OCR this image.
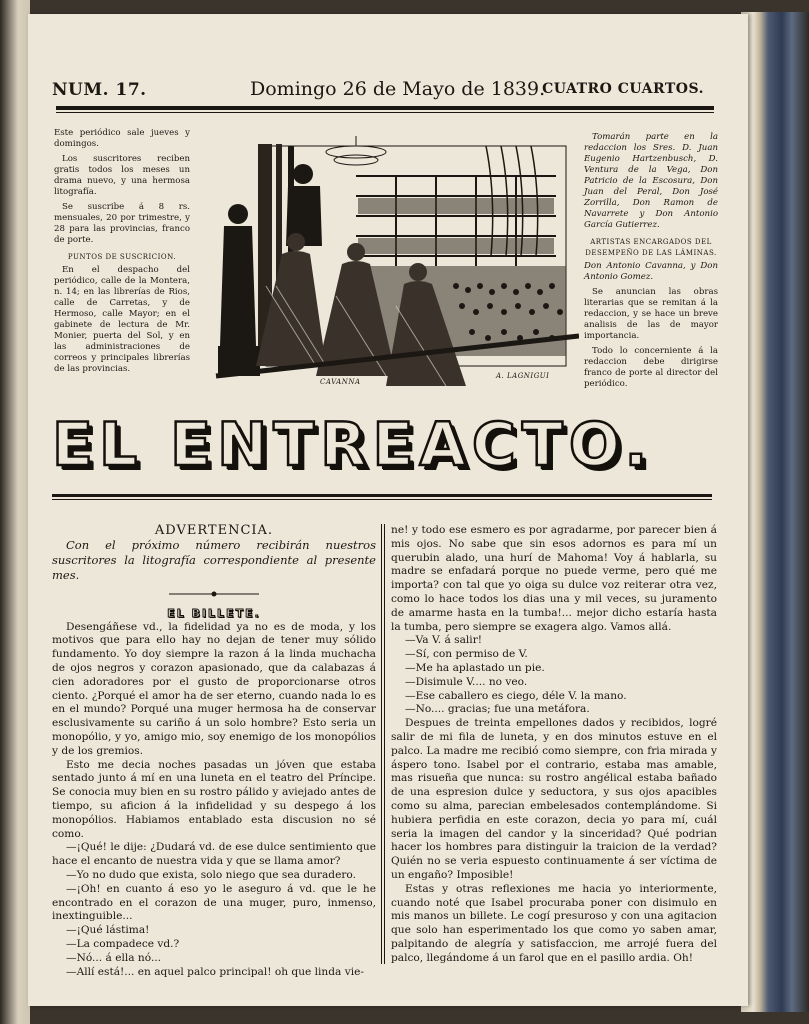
NUM. 17.	Domingo 26 de Mayo de 1839.
CUATRO CUARTOS.

Este periódico sale jueves y domingos.

Los suscritores reciben gratis todos los meses un drama nuevo, y una hermosa litografía.

Se suscribe á 8 rs. mensuales, 20 por trimestre, y 28 para las provincias, franco de porte.

PUNTOS DE SUSCRICION.

En el despacho del periódico, calle de la Montera, n. 14; en las librerías de Rios, calle de Carretas, y de Hermoso, calle Mayor; en el gabinete de lectura de Mr. Monier, puerta del Sol, y en las administraciones de correos y principales librerías de las provincias.

CAVANNA
A. LAGNIGUI

Tomarán parte en la redaccion los Sres. D. Juan Eugenio Hartzenbusch, D. Ventura de la Vega, Don Patricio de la Escosura, Don Juan del Peral, Don José Zorrilla, Don Ramon de Navarrete y Don Antonio García Gutierrez.

ARTISTAS ENCARGADOS DEL DESEMPEÑO DE LAS LÁMINAS.

Don Antonio Cavanna, y Don Antonio Gomez.

Se anuncian las obras literarias que se remitan á la redaccion, y se hace un breve analisis de las de mayor importancia.

Todo lo concerniente á la redaccion debe dirigirse franco de porte al director del periódico.

EL ENTREACTO.

ADVERTENCIA.

Con el próximo número recibirán nuestros suscritores la litografía correspondiente al presente mes.

EL BILLETE.

Desengáñese vd., la fidelidad ya no es de moda, y los motivos que para ello hay no dejan de tener muy sólido fundamento. Yo doy siempre la razon á la linda muchacha de ojos negros y corazon apasionado, que da calabazas á cien adoradores por el gusto de proporcionarse otros ciento. ¿Porqué el amor ha de ser eterno, cuando nada lo es en el mundo? Porqué una muger hermosa ha de conservar esclusivamente su cariño á un solo hombre? Esto seria un monopólio, y yo, amigo mio, soy enemigo de los monopólios y de los gremios.

Esto me decia noches pasadas un jóven que estaba sentado junto á mí en una luneta en el teatro del Príncipe. Se conocia muy bien en su rostro pálido y aviejado antes de tiempo, su aficion á la infidelidad y su despego á los monopólios. Habiamos entablado esta discusion no sé como.

—¡Qué! le dije: ¿Dudará vd. de ese dulce sentimiento que hace el encanto de nuestra vida y que se llama amor?

—Yo no dudo que exista, solo niego que sea duradero.

—¡Oh! en cuanto á eso yo le aseguro á vd. que le he encontrado en el corazon de una muger, puro, inmenso, inextinguible...

—¡Qué lástima!

—La compadece vd.?

—Nó... á ella nó...

—Allí está!... en aquel palco principal! oh que linda vie-

ne! y todo ese esmero es por agradarme, por parecer bien á mis ojos. No sabe que sin esos adornos es para mí un querubin alado, una hurí de Mahoma! Voy á hablarla, su madre se enfadará porque no puede verme, pero qué me importa? con tal que yo oiga su dulce voz reiterar otra vez, como lo hace todos los dias una y mil veces, su juramento de amarme hasta en la tumba!... mejor dicho estaría hasta la tumba, pero siempre se exagera algo. Vamos allá.

—Va V. á salir!

—Sí, con permiso de V.

—Me ha aplastado un pie.

—Disimule V.... no veo.

—Ese caballero es ciego, déle V. la mano.

—No.... gracias; fue una metáfora.

Despues de treinta empellones dados y recibidos, logré salir de mi fila de luneta, y en dos minutos estuve en el palco. La madre me recibió como siempre, con fria mirada y áspero tono. Isabel por el contrario, estaba mas amable, mas risueña que nunca: su rostro angélical estaba bañado de una espresion dulce y seductora, y sus ojos apacibles como su alma, parecian embelesados contemplándome. Si hubiera perfidia en este corazon, decia yo para mí, cuál seria la imagen del candor y la sinceridad? Qué podrian hacer los hombres para distinguir la traicion de la verdad? Quién no se veria espuesto continuamente á ser víctima de un engaño? Imposible!

Estas y otras reflexiones me hacia yo interiormente, cuando noté que Isabel procuraba poner con disimulo en mis manos un billete. Le cogí presuroso y con una agitacion que solo han esperimentado los que como yo saben amar, palpitando de alegría y satisfaccion, me arrojé fuera del palco, llegándome á un farol que en el pasillo ardia. Oh!
